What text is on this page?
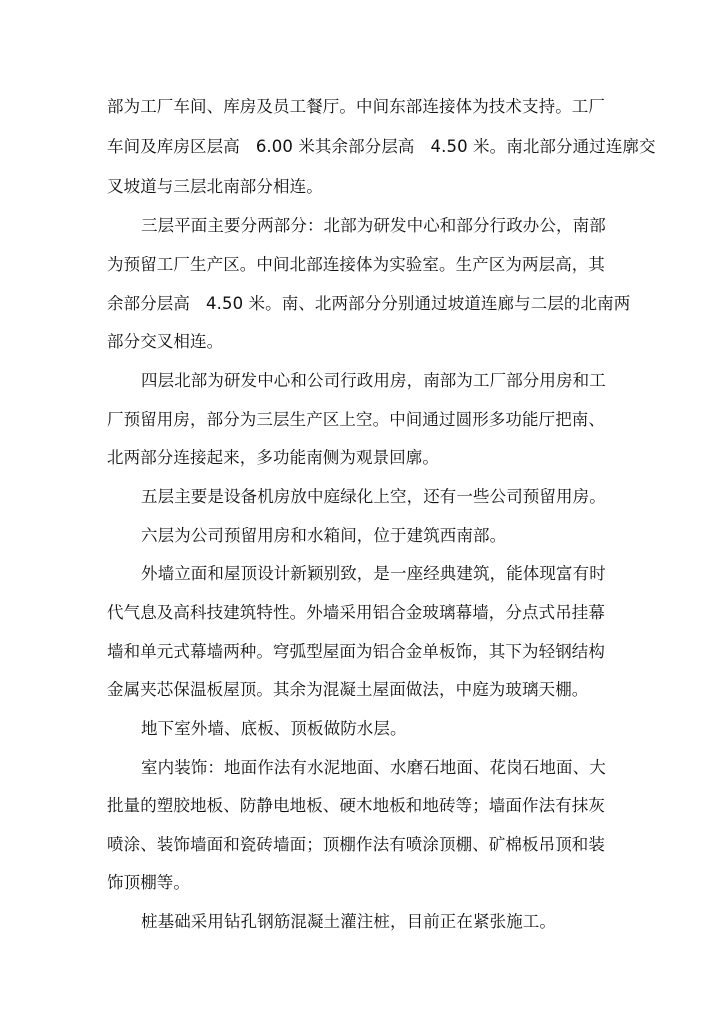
部为工厂车间、库房及员工餐厅。中间东部连接体为技术支持。工厂
车间及库房区层高   6.00 米其余部分层高   4.50 米。南北部分通过连廓交
叉坡道与三层北南部分相连。
三层平面主要分两部分：北部为研发中心和部分行政办公，南部
为预留工厂生产区。中间北部连接体为实验室。生产区为两层高，其
余部分层高   4.50 米。南、北两部分分别通过坡道连廊与二层的北南两
部分交叉相连。
四层北部为研发中心和公司行政用房，南部为工厂部分用房和工
厂预留用房，部分为三层生产区上空。中间通过圆形多功能厅把南、
北两部分连接起来，多功能南侧为观景回廓。
五层主要是设备机房放中庭绿化上空，还有一些公司预留用房。
六层为公司预留用房和水箱间，位于建筑西南部。
外墙立面和屋顶设计新颖别致，是一座经典建筑，能体现富有时
代气息及高科技建筑特性。外墙采用铝合金玻璃幕墙，分点式吊挂幕
墙和单元式幕墙两种。穹弧型屋面为铝合金单板饰，其下为轻钢结构
金属夹芯保温板屋顶。其余为混凝土屋面做法，中庭为玻璃天棚。
地下室外墙、底板、顶板做防水层。
室内装饰：地面作法有水泥地面、水磨石地面、花岗石地面、大
批量的塑胶地板、防静电地板、硬木地板和地砖等；墙面作法有抹灰
喷涂、装饰墙面和瓷砖墙面；顶棚作法有喷涂顶棚、矿棉板吊顶和装
饰顶棚等。
桩基础采用钻孔钢筋混凝土灌注桩，目前正在紧张施工。
